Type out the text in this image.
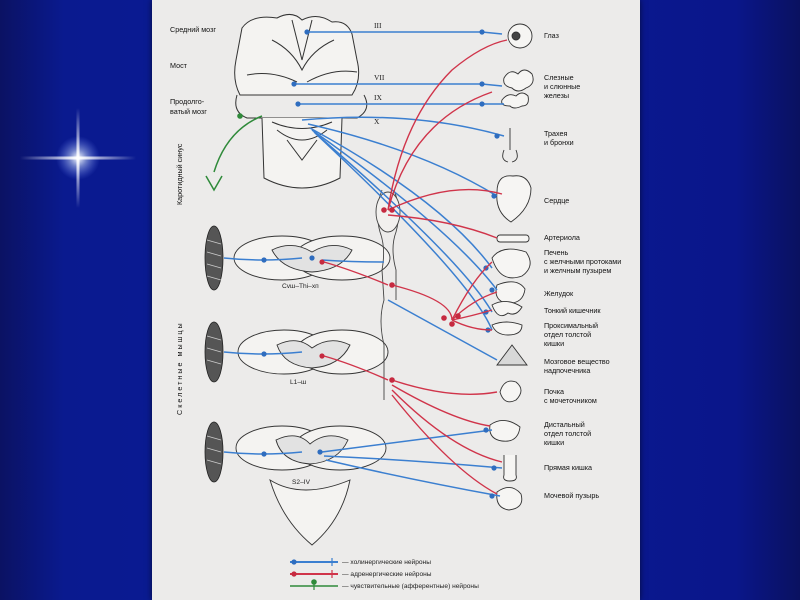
Средний мозг
Мост
Продолго-
ватый мозг
Каротидный синус
Скелетные мышцы
III
VII
IX
X
Cvш–Thi–xп
L1–ш
S2–IV
Глаз
Слезные
и слюнные
железы
Трахея
и бронхи
Сердце
Артериола
Печень
с желчными протоками
и желчным пузырем
Желудок
Тонкий кишечник
Проксимальный
отдел толстой
кишки
Мозговое вещество
надпочечника
Почка
с мочеточником
Дистальный
отдел толстой
кишки
Прямая кишка
Мочевой пузырь
— холинергические нейроны
— адренергические нейроны
— чувствительные (афферентные) нейроны
